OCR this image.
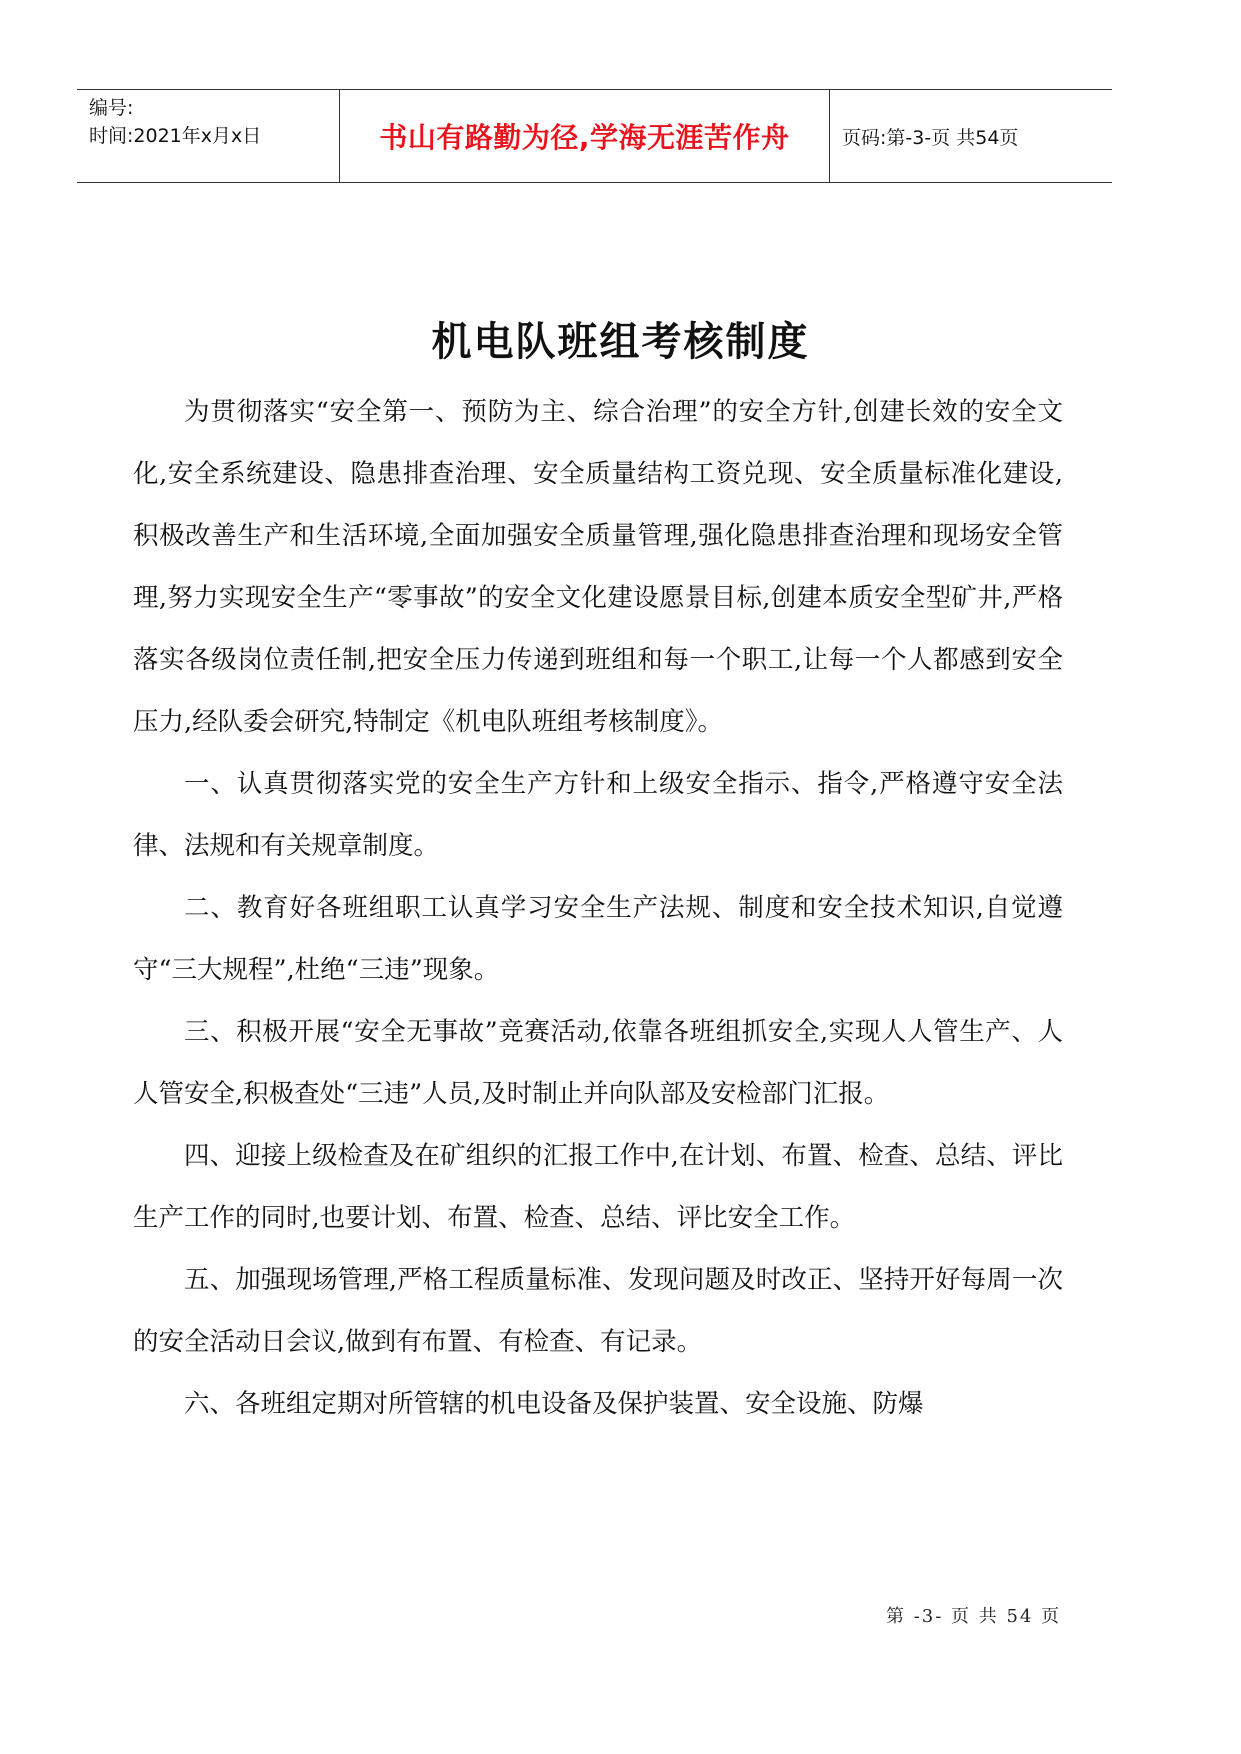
编号:
时间:2021年x月x日	书山有路勤为径,学海无涯苦作舟	页码:第-3-页 共54页
机电队班组考核制度

为贯彻落实“安全第一、预防为主、综合治理”的安全方针,创建长效的安全文化,安全系统建设、隐患排查治理、安全质量结构工资兑现、安全质量标准化建设,积极改善生产和生活环境,全面加强安全质量管理,强化隐患排查治理和现场安全管理,努力实现安全生产“零事故”的安全文化建设愿景目标,创建本质安全型矿井,严格落实各级岗位责任制,把安全压力传递到班组和每一个职工,让每一个人都感到安全压力,经队委会研究,特制定《机电队班组考核制度》。

一、认真贯彻落实党的安全生产方针和上级安全指示、指令,严格遵守安全法律、法规和有关规章制度。

二、教育好各班组职工认真学习安全生产法规、制度和安全技术知识,自觉遵守“三大规程”,杜绝“三违”现象。

三、积极开展“安全无事故”竞赛活动,依靠各班组抓安全,实现人人管生产、人人管安全,积极查处“三违”人员,及时制止并向队部及安检部门汇报。

四、迎接上级检查及在矿组织的汇报工作中,在计划、布置、检查、总结、评比生产工作的同时,也要计划、布置、检查、总结、评比安全工作。

五、加强现场管理,严格工程质量标准、发现问题及时改正、坚持开好每周一次的安全活动日会议,做到有布置、有检查、有记录。

六、各班组定期对所管辖的机电设备及保护装置、安全设施、防爆

第 -3- 页 共 54 页
